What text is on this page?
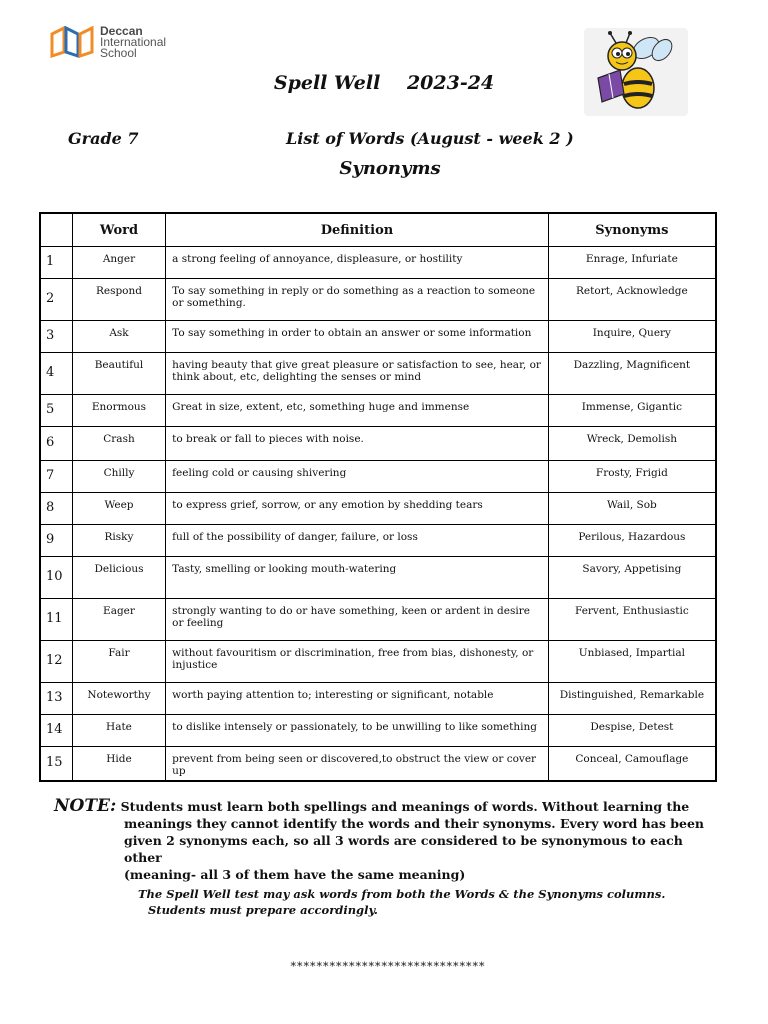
Deccan
International
School
Spell Well 2023-24
Grade 7	List of Words (August - week 2 )
Synonyms
	Word	Definition	Synonyms
1	Anger	a strong feeling of annoyance, displeasure, or hostility	Enrage, Infuriate
2	Respond	To say something in reply or do something as a reaction to someone or something.	Retort, Acknowledge
3	Ask	To say something in order to obtain an answer or some information	Inquire, Query
4	Beautiful	having beauty that give great pleasure or satisfaction to see, hear, or think about, etc, delighting the senses or mind	Dazzling, Magnificent
5	Enormous	Great in size, extent, etc, something huge and immense	Immense, Gigantic
6	Crash	to break or fall to pieces with noise.	Wreck, Demolish
7	Chilly	feeling cold or causing shivering	Frosty, Frigid
8	Weep	to express grief, sorrow, or any emotion by shedding tears	Wail, Sob
9	Risky	full of the possibility of danger, failure, or loss	Perilous, Hazardous
10	Delicious	Tasty, smelling or looking mouth-watering	Savory, Appetising
11	Eager	strongly wanting to do or have something, keen or ardent in desire or feeling	Fervent, Enthusiastic
12	Fair	without favouritism or discrimination, free from bias, dishonesty, or injustice	Unbiased, Impartial
13	Noteworthy	worth paying attention to; interesting or significant, notable	Distinguished, Remarkable
14	Hate	to dislike intensely or passionately, to be unwilling to like something	Despise, Detest
15	Hide	prevent from being seen or discovered,to obstruct the view or cover up	Conceal, Camouflage
NOTE: Students must learn both spellings and meanings of words. Without learning the
meanings they cannot identify the words and their synonyms. Every word has been
given 2 synonyms each, so all 3 words are considered to be synonymous to each other
(meaning- all 3 of them have the same meaning)
The Spell Well test may ask words from both the Words & the Synonyms columns.
Students must prepare accordingly.
******************************
